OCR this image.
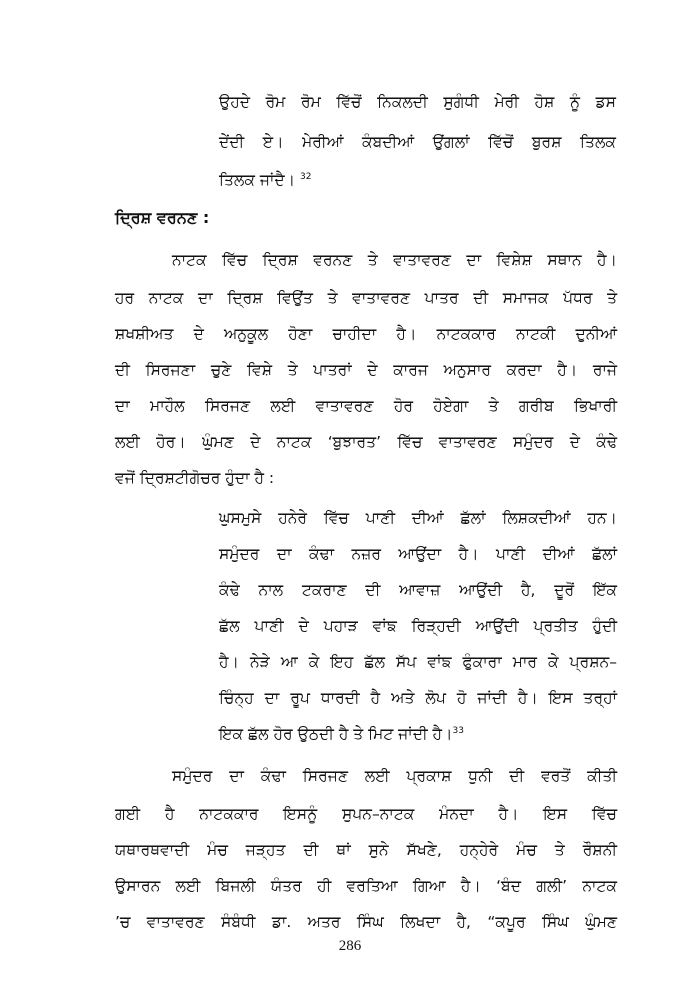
ਉਹਦੇ ਰੋਮ ਰੋਮ ਵਿੱਚੋਂ ਨਿਕਲਦੀ ਸੁਗੰਧੀ ਮੇਰੀ ਹੋਸ਼ ਨੂੰ ਡਸ
ਦੇਂਦੀ ਏ। ਮੇਰੀਆਂ ਕੰਬਦੀਆਂ ਉਂਗਲਾਂ ਵਿੱਚੋਂ ਬੁਰਸ਼ ਤਿਲਕ
ਤਿਲਕ ਜਾਂਦੈ। $^{32}$
ਦ੍ਰਿਸ਼ ਵਰਨਣ :
ਨਾਟਕ ਵਿੱਚ ਦ੍ਰਿਸ਼ ਵਰਨਣ ਤੇ ਵਾਤਾਵਰਣ ਦਾ ਵਿਸ਼ੇਸ਼ ਸਥਾਨ ਹੈ।
ਹਰ ਨਾਟਕ ਦਾ ਦ੍ਰਿਸ਼ ਵਿਉਂਤ ਤੇ ਵਾਤਾਵਰਣ ਪਾਤਰ ਦੀ ਸਮਾਜਕ ਪੱਧਰ ਤੇ
ਸ਼ਖਸ਼ੀਅਤ ਦੇ ਅਨੁਕੂਲ ਹੋਣਾ ਚਾਹੀਦਾ ਹੈ। ਨਾਟਕਕਾਰ ਨਾਟਕੀ ਦੁਨੀਆਂ
ਦੀ ਸਿਰਜਣਾ ਚੁਣੇ ਵਿਸ਼ੇ ਤੇ ਪਾਤਰਾਂ ਦੇ ਕਾਰਜ ਅਨੁਸਾਰ ਕਰਦਾ ਹੈ। ਰਾਜੇ
ਦਾ ਮਾਹੌਲ ਸਿਰਜਣ ਲਈ ਵਾਤਾਵਰਣ ਹੋਰ ਹੋਏਗਾ ਤੇ ਗਰੀਬ ਭਿਖਾਰੀ
ਲਈ ਹੋਰ। ਘੁੰਮਣ ਦੇ ਨਾਟਕ ‘ਬੁਝਾਰਤ’ ਵਿੱਚ ਵਾਤਾਵਰਣ ਸਮੁੰਦਰ ਦੇ ਕੰਢੇ
ਵਜੋਂ ਦ੍ਰਿਸ਼ਟੀਗੋਚਰ ਹੁੰਦਾ ਹੈ :
ਘੁਸਮੁਸੇ ਹਨੇਰੇ ਵਿੱਚ ਪਾਣੀ ਦੀਆਂ ਛੱਲਾਂ ਲਿਸ਼ਕਦੀਆਂ ਹਨ।
ਸਮੁੰਦਰ ਦਾ ਕੰਢਾ ਨਜ਼ਰ ਆਉਂਦਾ ਹੈ। ਪਾਣੀ ਦੀਆਂ ਛੱਲਾਂ
ਕੰਢੇ ਨਾਲ ਟਕਰਾਣ ਦੀ ਆਵਾਜ਼ ਆਉਂਦੀ ਹੈ, ਦੂਰੋਂ ਇੱਕ
ਛੱਲ ਪਾਣੀ ਦੇ ਪਹਾੜ ਵਾਂਙ ਰਿੜ੍ਹਦੀ ਆਉਂਦੀ ਪ੍ਰਤੀਤ ਹੁੰਦੀ
ਹੈ। ਨੇੜੇ ਆ ਕੇ ਇਹ ਛੱਲ ਸੱਪ ਵਾਂਙ ਫੁੰਕਾਰਾ ਮਾਰ ਕੇ ਪ੍ਰਸ਼ਨ–
ਚਿੰਨ੍ਹ ਦਾ ਰੂਪ ਧਾਰਦੀ ਹੈ ਅਤੇ ਲੋਪ ਹੋ ਜਾਂਦੀ ਹੈ। ਇਸ ਤਰ੍ਹਾਂ
ਇਕ ਛੱਲ ਹੋਰ ਉਠਦੀ ਹੈ ਤੇ ਮਿਟ ਜਾਂਦੀ ਹੈ।$^{33}$
ਸਮੁੰਦਰ ਦਾ ਕੰਢਾ ਸਿਰਜਣ ਲਈ ਪ੍ਰਕਾਸ਼ ਧੁਨੀ ਦੀ ਵਰਤੋਂ ਕੀਤੀ
ਗਈ ਹੈ ਨਾਟਕਕਾਰ ਇਸਨੂੰ ਸੁਪਨ–ਨਾਟਕ ਮੰਨਦਾ ਹੈ। ਇਸ ਵਿੱਚ
ਯਥਾਰਥਵਾਦੀ ਮੰਚ ਜੜ੍ਹਤ ਦੀ ਥਾਂ ਸੁਨੇ ਸੱਖਣੇ, ਹਨ੍ਹੇਰੇ ਮੰਚ ਤੇ ਰੌਸ਼ਨੀ
ਉਸਾਰਨ ਲਈ ਬਿਜਲੀ ਯੰਤਰ ਹੀ ਵਰਤਿਆ ਗਿਆ ਹੈ। ‘ਬੰਦ ਗਲੀ’ ਨਾਟਕ
’ਚ ਵਾਤਾਵਰਣ ਸੰਬੰਧੀ ਡਾ. ਅਤਰ ਸਿੰਘ ਲਿਖਦਾ ਹੈ, “ਕਪੂਰ ਸਿੰਘ ਘੁੰਮਣ
286
